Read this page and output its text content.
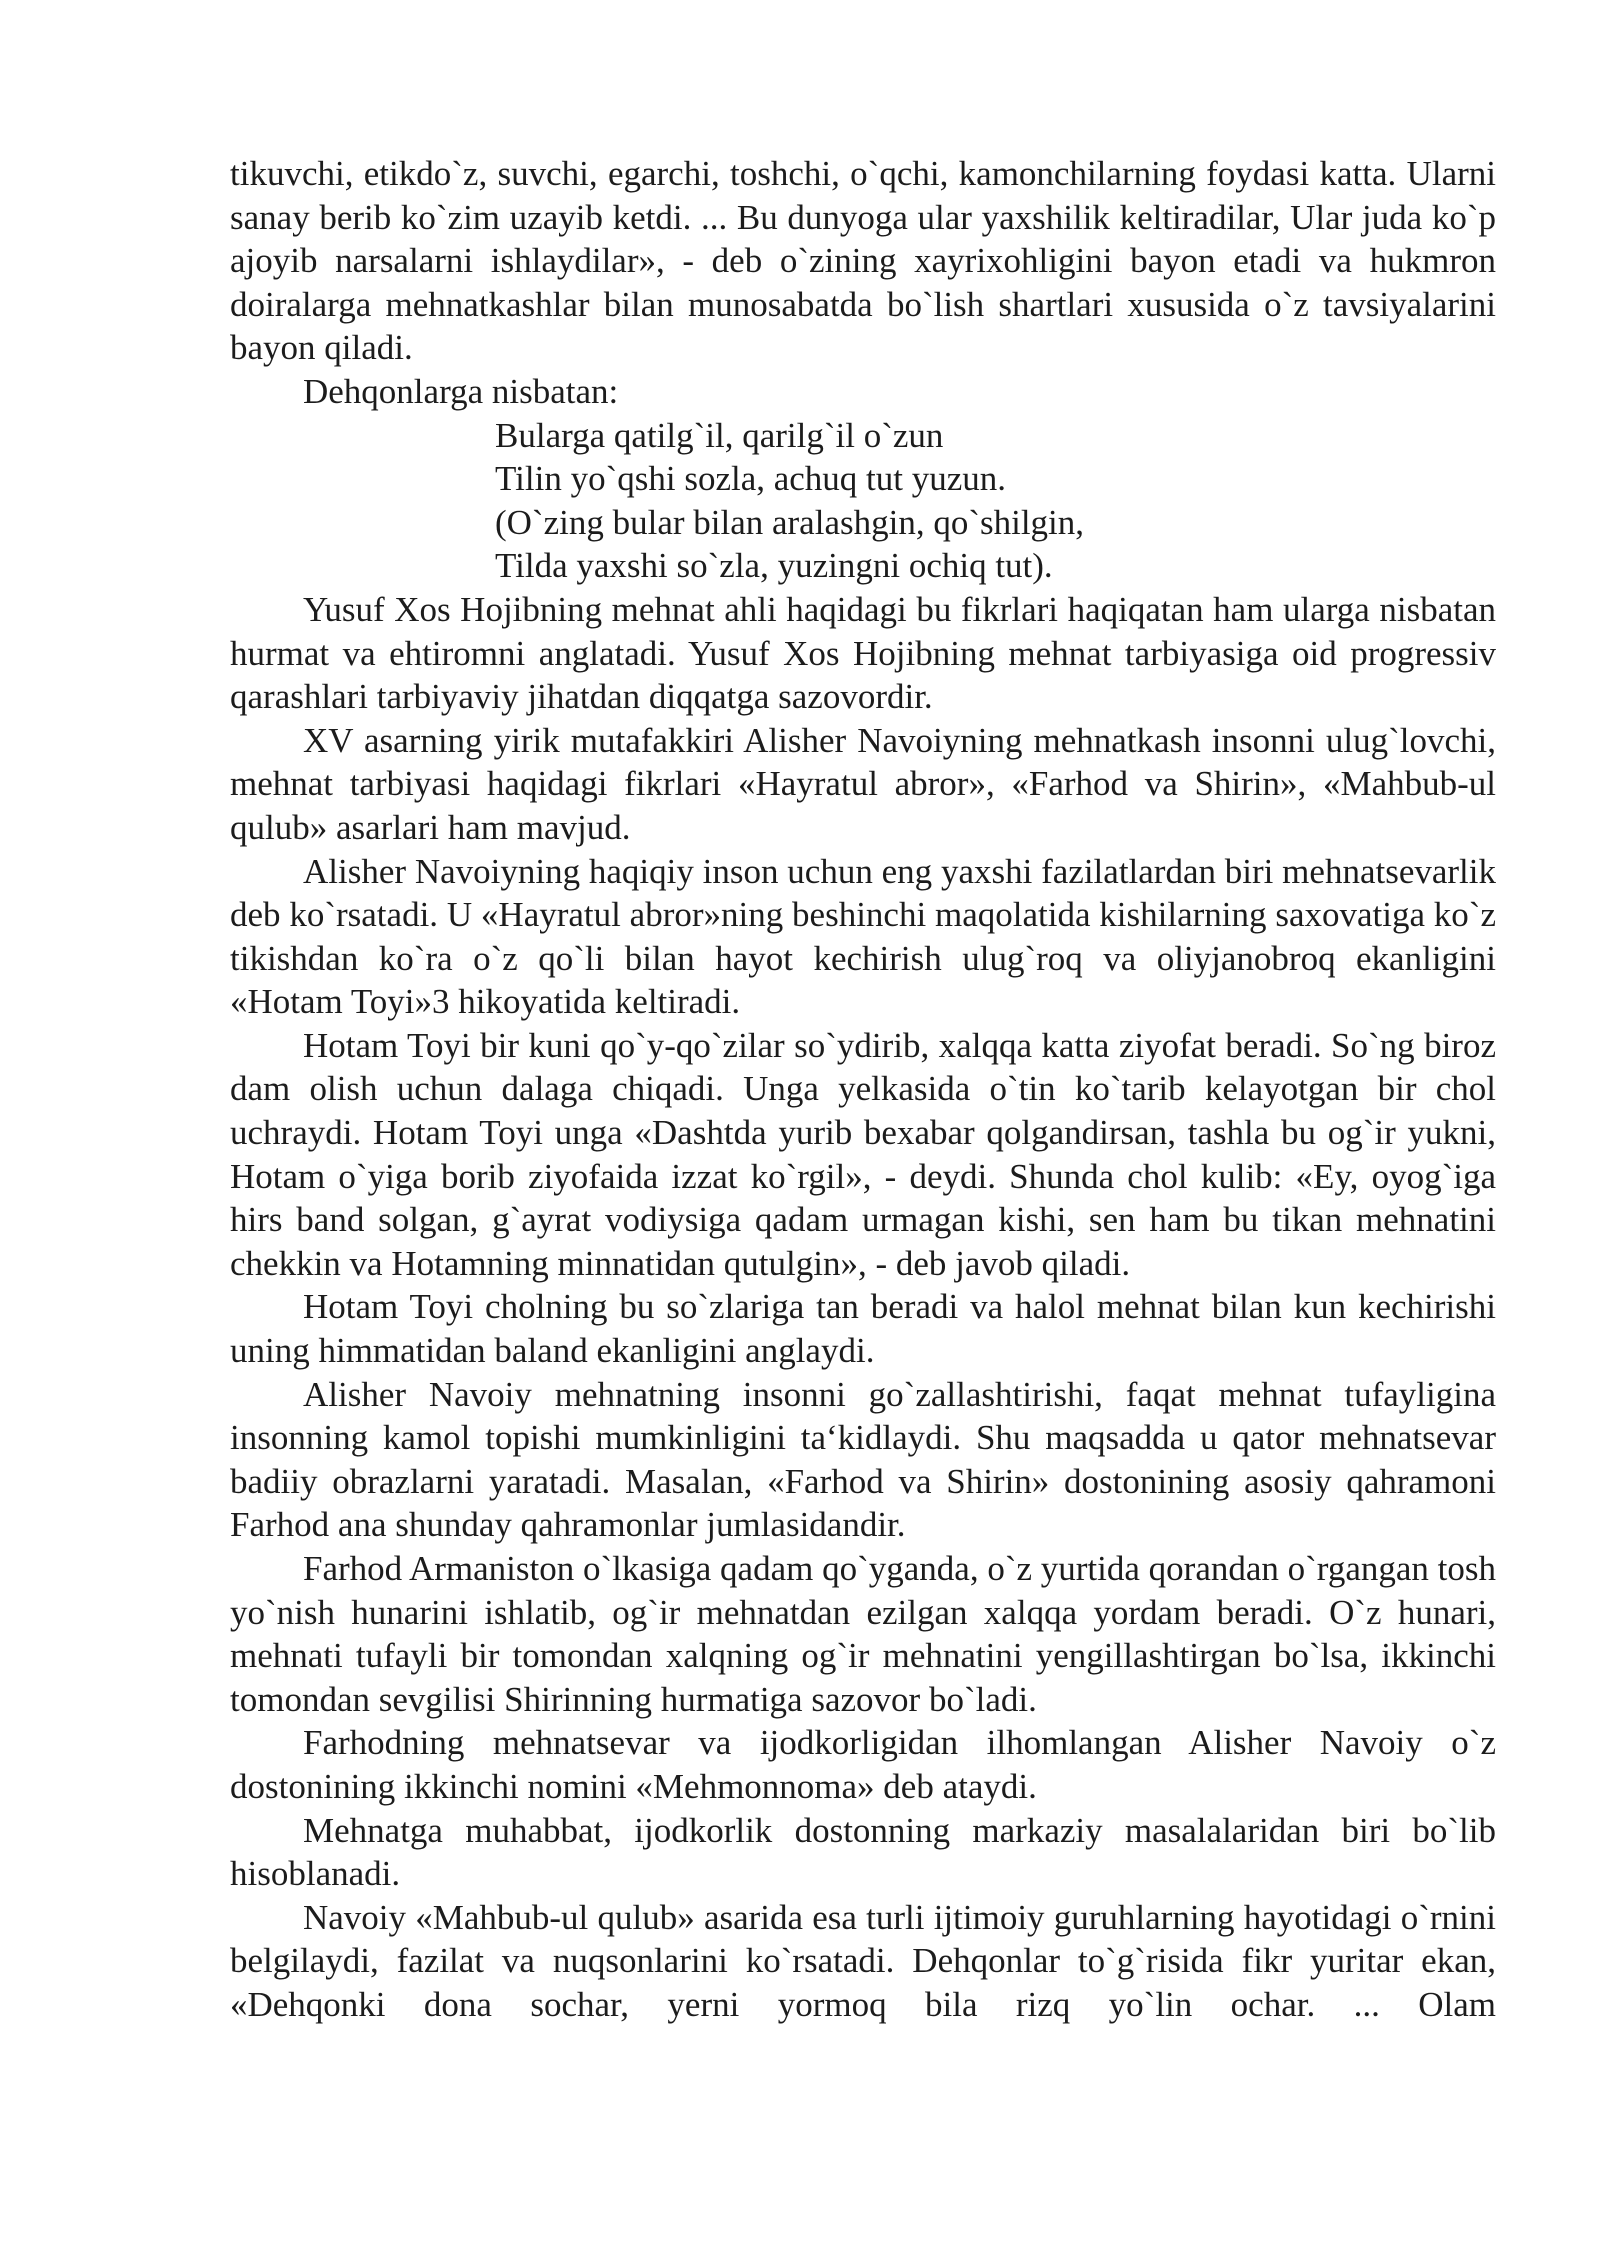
tikuvchi, etikdo`z, suvchi, egarchi, toshchi, o`qchi, kamonchilarning foydasi katta. Ularni sanay berib ko`zim uzayib ketdi. ... Bu dunyoga ular yaxshilik keltiradilar, Ular juda ko`p ajoyib narsalarni ishlaydilar», - deb o`zining xayrixohligini bayon etadi va hukmron doiralarga mehnatkashlar bilan munosabatda bo`lish shartlari xususida o`z tavsiyalarini bayon qiladi.

Dehqonlarga nisbatan:

Bularga qatilg`il, qarilg`il o`zun
Tilin yo`qshi sozla, achuq tut yuzun.
(O`zing bular bilan aralashgin, qo`shilgin,
Tilda yaxshi so`zla, yuzingni ochiq tut).

Yusuf Xos Hojibning mehnat ahli haqidagi bu fikrlari haqiqatan ham ularga nisbatan hurmat va ehtiromni anglatadi. Yusuf Xos Hojibning mehnat tarbiyasiga oid progressiv qarashlari tarbiyaviy jihatdan diqqatga sazovordir.

XV asarning yirik mutafakkiri Alisher Navoiyning mehnatkash insonni ulug`lovchi, mehnat tarbiyasi haqidagi fikrlari «Hayratul abror», «Farhod va Shirin», «Mahbub-ul qulub» asarlari ham mavjud.

Alisher Navoiyning haqiqiy inson uchun eng yaxshi fazilatlardan biri mehnatsevarlik deb ko`rsatadi. U «Hayratul abror»ning beshinchi maqolatida kishilarning saxovatiga ko`z tikishdan ko`ra o`z qo`li bilan hayot kechirish ulug`roq va oliyjanobroq ekanligini «Hotam Toyi»3 hikoyatida keltiradi.

Hotam Toyi bir kuni qo`y-qo`zilar so`ydirib, xalqqa katta ziyofat beradi. So`ng biroz dam olish uchun dalaga chiqadi. Unga yelkasida o`tin ko`tarib kelayotgan bir chol uchraydi. Hotam Toyi unga «Dashtda yurib bexabar qolgandirsan, tashla bu og`ir yukni, Hotam o`yiga borib ziyofaida izzat ko`rgil», - deydi. Shunda chol kulib: «Ey, oyog`iga hirs band solgan, g`ayrat vodiysiga qadam urmagan kishi, sen ham bu tikan mehnatini chekkin va Hotamning minnatidan qutulgin», - deb javob qiladi.

Hotam Toyi cholning bu so`zlariga tan beradi va halol mehnat bilan kun kechirishi uning himmatidan baland ekanligini anglaydi.

Alisher Navoiy mehnatning insonni go`zallashtirishi, faqat mehnat tufayligina insonning kamol topishi mumkinligini ta‘kidlaydi. Shu maqsadda u qator mehnatsevar badiiy obrazlarni yaratadi. Masalan, «Farhod va Shirin» dostonining asosiy qahramoni Farhod ana shunday qahramonlar jumlasidandir.

Farhod Armaniston o`lkasiga qadam qo`yganda, o`z yurtida qorandan o`rgangan tosh yo`nish hunarini ishlatib, og`ir mehnatdan ezilgan xalqqa yordam beradi. O`z hunari, mehnati tufayli bir tomondan xalqning og`ir mehnatini yengillashtirgan bo`lsa, ikkinchi tomondan sevgilisi Shirinning hurmatiga sazovor bo`ladi.

Farhodning mehnatsevar va ijodkorligidan ilhomlangan Alisher Navoiy o`z dostonining ikkinchi nomini «Mehmonnoma» deb ataydi.

Mehnatga muhabbat, ijodkorlik dostonning markaziy masalalaridan biri bo`lib hisoblanadi.

Navoiy «Mahbub-ul qulub» asarida esa turli ijtimoiy guruhlarning hayotidagi o`rnini belgilaydi, fazilat va nuqsonlarini ko`rsatadi. Dehqonlar to`g`risida fikr yuritar ekan, «Dehqonki dona sochar, yerni yormoq bila rizq yo`lin ochar. ... Olam
